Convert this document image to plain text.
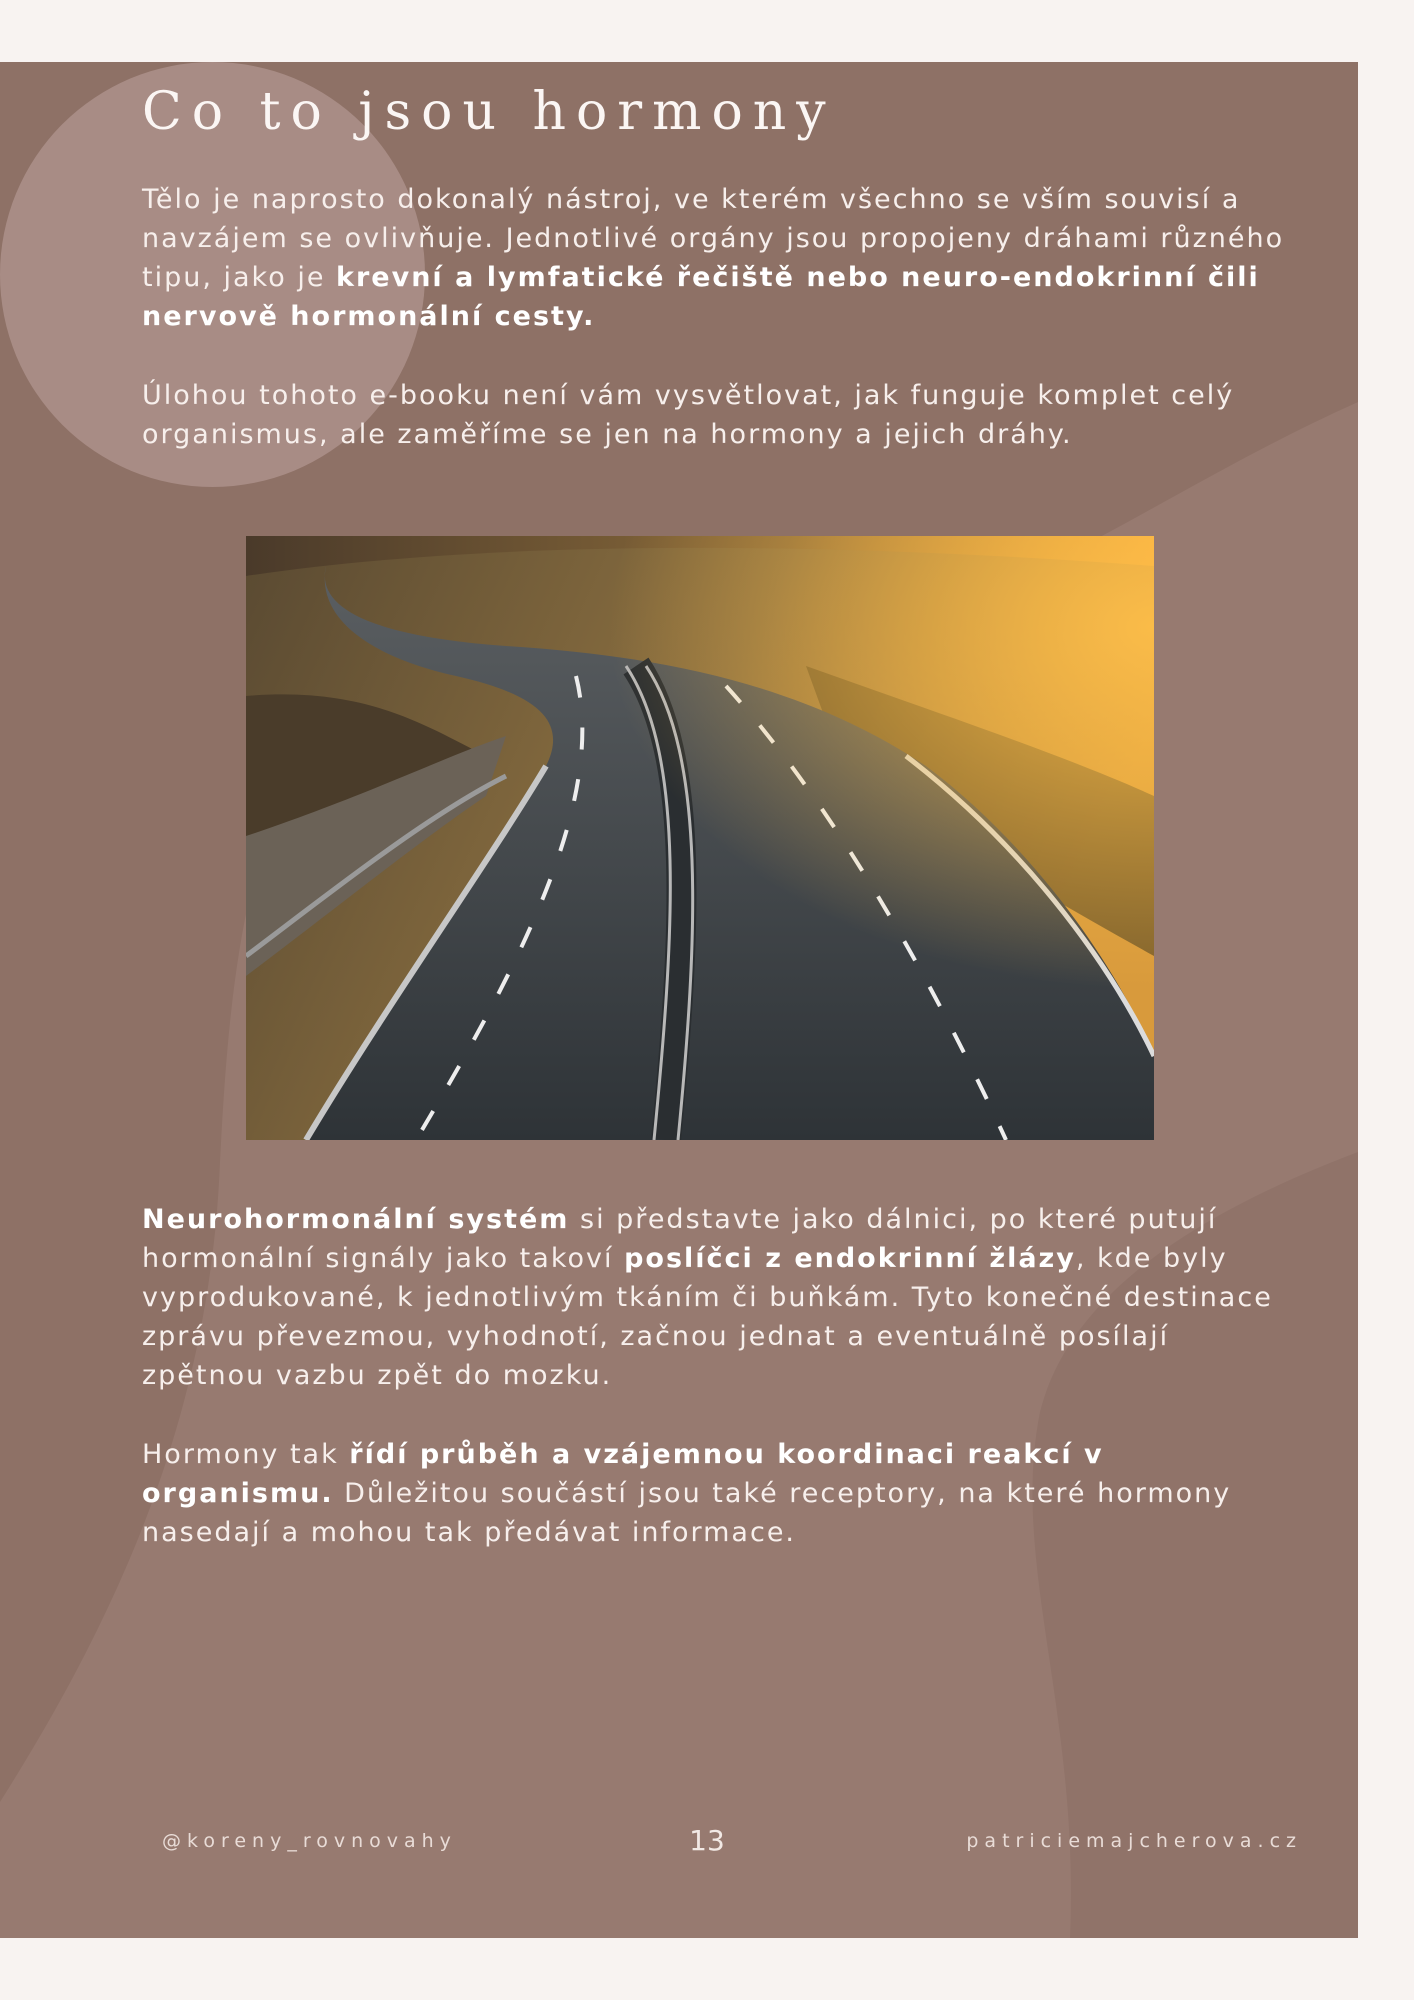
Co to jsou hormony

Tělo je naprosto dokonalý nástroj, ve kterém všechno se vším souvisí a navzájem se ovlivňuje. Jednotlivé orgány jsou propojeny dráhami různého tipu, jako je krevní a lymfatické řečiště nebo neuro-endokrinní čili nervově hormonální cesty.

Úlohou tohoto e-booku není vám vysvětlovat, jak funguje komplet celý organismus, ale zaměříme se jen na hormony a jejich dráhy.

Neurohormonální systém si představte jako dálnici, po které putují hormonální signály jako takoví poslíčci z endokrinní žlázy, kde byly vyprodukované, k jednotlivým tkáním či buňkám. Tyto konečné destinace zprávu převezmou, vyhodnotí, začnou jednat a eventuálně posílají zpětnou vazbu zpět do mozku.

Hormony tak řídí průběh a vzájemnou koordinaci reakcí v organismu. Důležitou součástí jsou také receptory, na které hormony nasedají a mohou tak předávat informace.

@koreny_rovnovahy	13	patriciemajcherova.cz
